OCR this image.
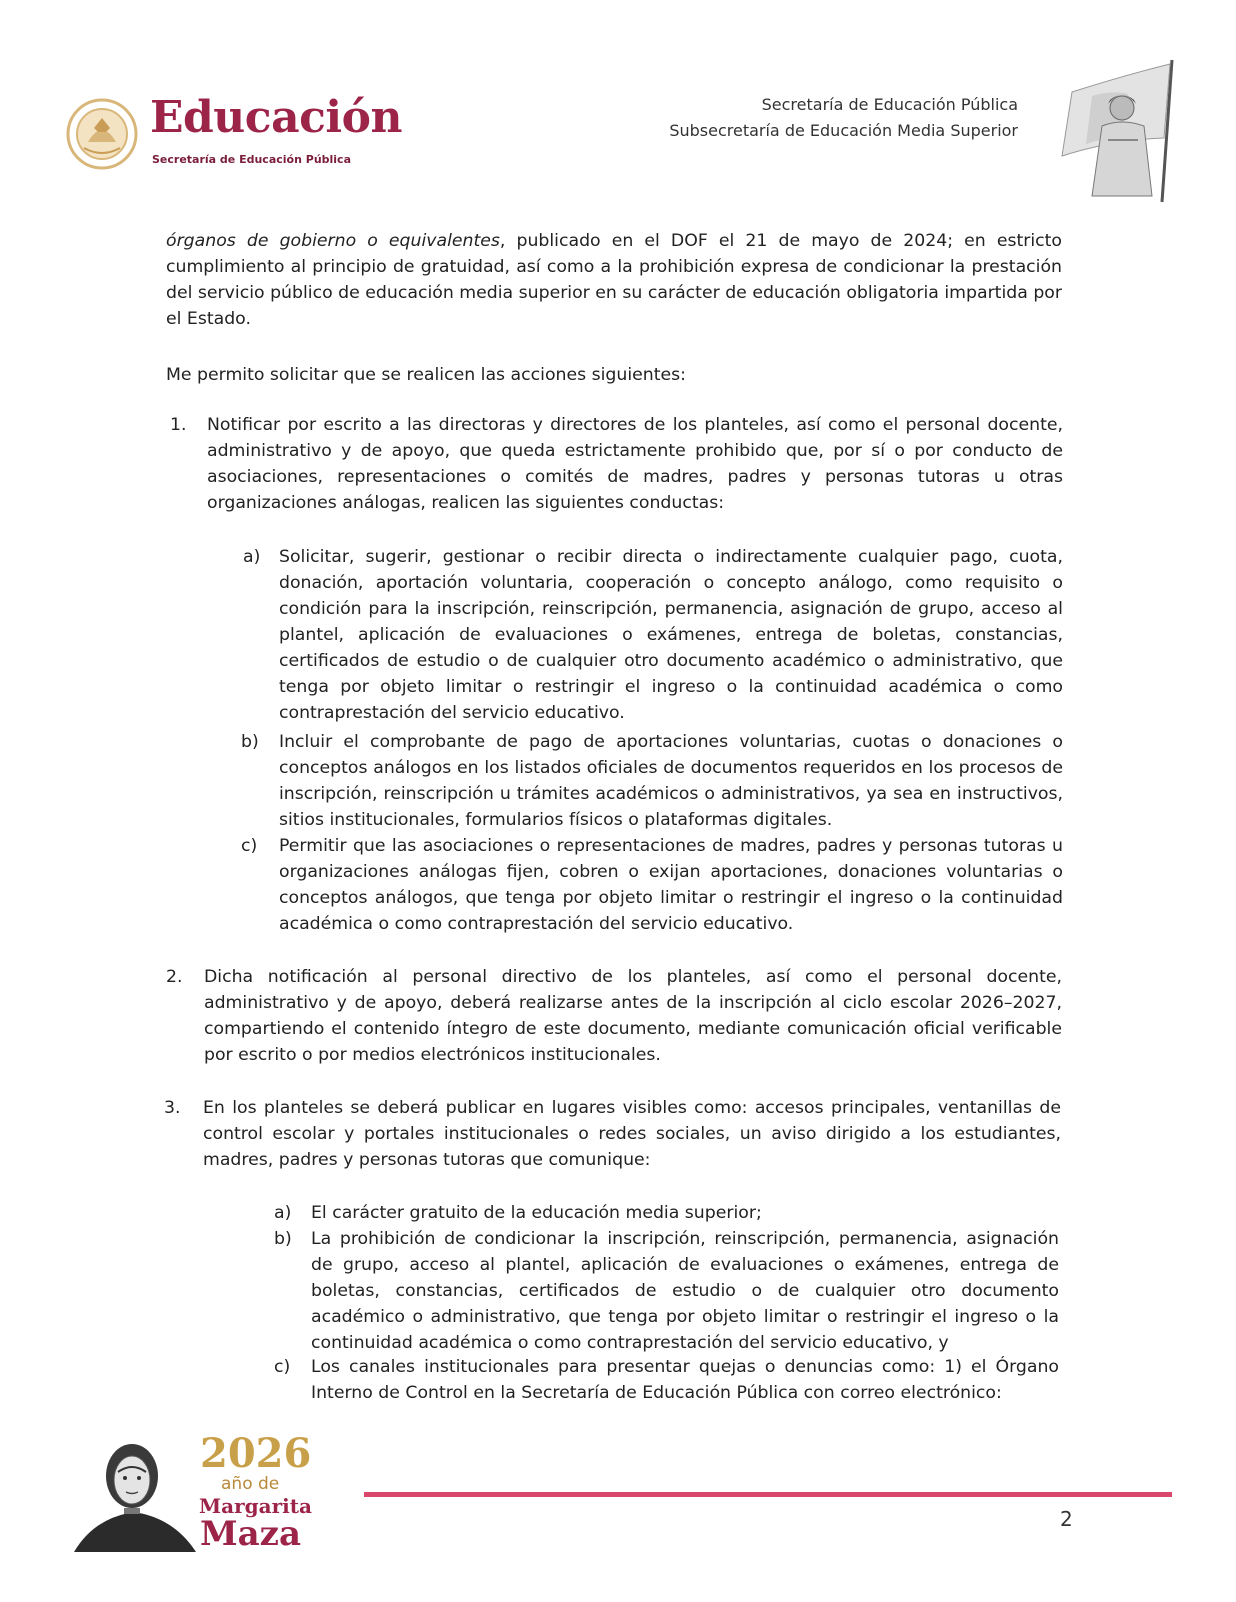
Educación
Secretaría de Educación Pública
Secretaría de Educación Pública
Subsecretaría de Educación Media Superior

órganos de gobierno o equivalentes, publicado en el DOF el 21 de mayo de 2024; en estricto cumplimiento al principio de gratuidad, así como a la prohibición expresa de condicionar la prestación del servicio público de educación media superior en su carácter de educación obligatoria impartida por el Estado.

Me permito solicitar que se realicen las acciones siguientes:

1. Notificar por escrito a las directoras y directores de los planteles, así como el personal docente, administrativo y de apoyo, que queda estrictamente prohibido que, por sí o por conducto de asociaciones, representaciones o comités de madres, padres y personas tutoras u otras organizaciones análogas, realicen las siguientes conductas:

a) Solicitar, sugerir, gestionar o recibir directa o indirectamente cualquier pago, cuota, donación, aportación voluntaria, cooperación o concepto análogo, como requisito o condición para la inscripción, reinscripción, permanencia, asignación de grupo, acceso al plantel, aplicación de evaluaciones o exámenes, entrega de boletas, constancias, certificados de estudio o de cualquier otro documento académico o administrativo, que tenga por objeto limitar o restringir el ingreso o la continuidad académica o como contraprestación del servicio educativo.

b) Incluir el comprobante de pago de aportaciones voluntarias, cuotas o donaciones o conceptos análogos en los listados oficiales de documentos requeridos en los procesos de inscripción, reinscripción u trámites académicos o administrativos, ya sea en instructivos, sitios institucionales, formularios físicos o plataformas digitales.

c) Permitir que las asociaciones o representaciones de madres, padres y personas tutoras u organizaciones análogas fijen, cobren o exijan aportaciones, donaciones voluntarias o conceptos análogos, que tenga por objeto limitar o restringir el ingreso o la continuidad académica o como contraprestación del servicio educativo.

2. Dicha notificación al personal directivo de los planteles, así como el personal docente, administrativo y de apoyo, deberá realizarse antes de la inscripción al ciclo escolar 2026–2027, compartiendo el contenido íntegro de este documento, mediante comunicación oficial verificable por escrito o por medios electrónicos institucionales.

3. En los planteles se deberá publicar en lugares visibles como: accesos principales, ventanillas de control escolar y portales institucionales o redes sociales, un aviso dirigido a los estudiantes, madres, padres y personas tutoras que comunique:

a) El carácter gratuito de la educación media superior;

b) La prohibición de condicionar la inscripción, reinscripción, permanencia, asignación de grupo, acceso al plantel, aplicación de evaluaciones o exámenes, entrega de boletas, constancias, certificados de estudio o de cualquier otro documento académico o administrativo, que tenga por objeto limitar o restringir el ingreso o la continuidad académica o como contraprestación del servicio educativo, y

c) Los canales institucionales para presentar quejas o denuncias como: 1) el Órgano Interno de Control en la Secretaría de Educación Pública con correo electrónico:

2026
año de
Margarita
Maza	2
